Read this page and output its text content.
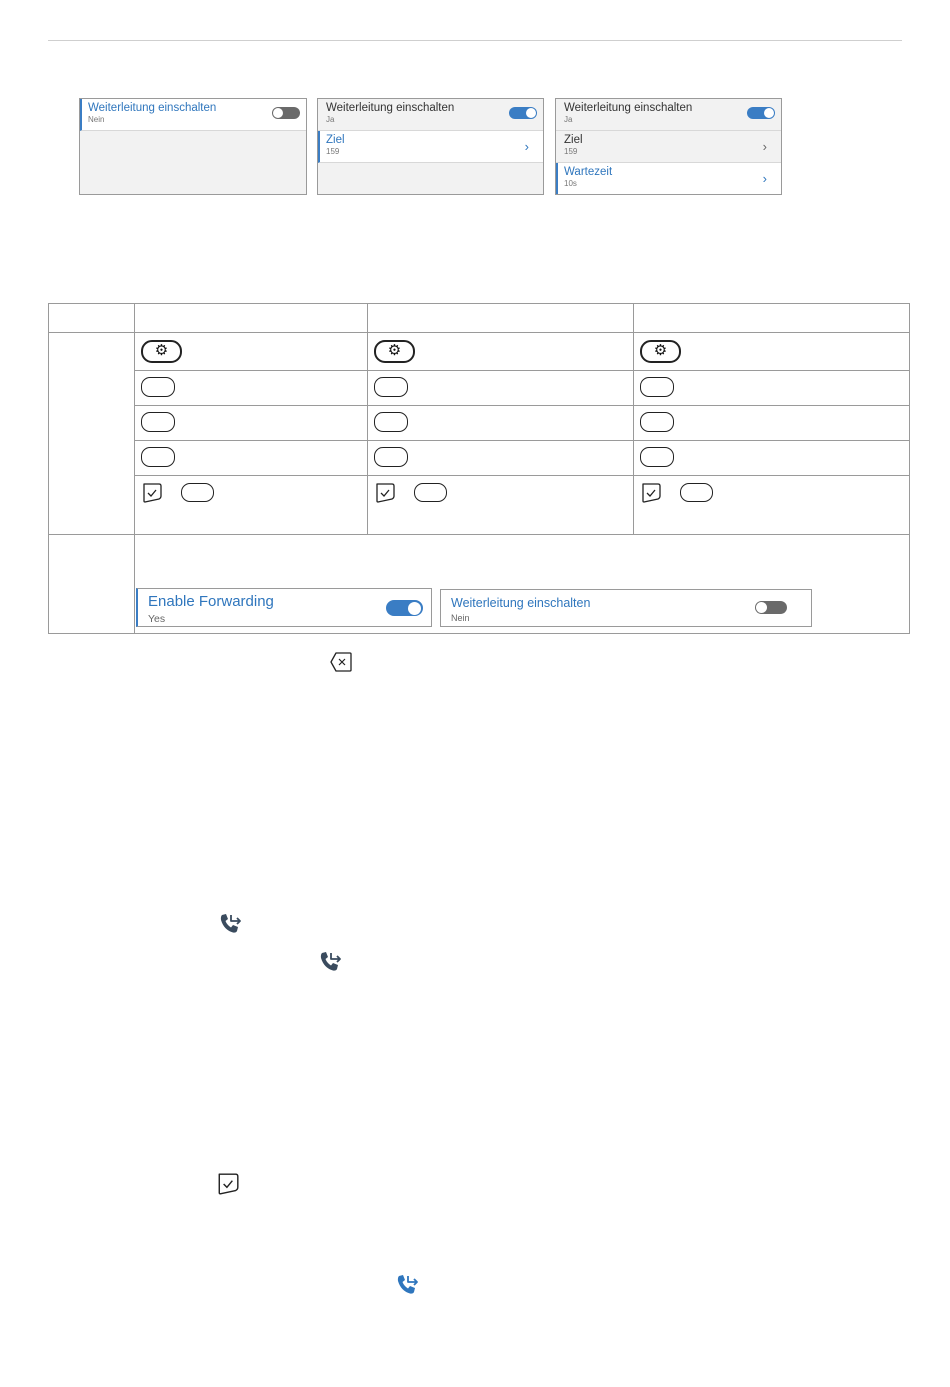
Weiterleitung einschalten
Nein
Weiterleitung einschalten
Ja
Ziel
159	›
Weiterleitung einschalten
Ja
Ziel
159	›
Wartezeit
10s	›
⚙	⚙	⚙
Enable Forwarding
Yes
Weiterleitung einschalten
Nein
